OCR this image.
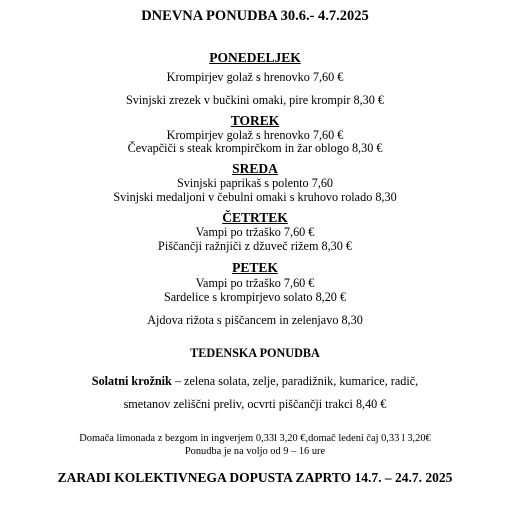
DNEVNA PONUDBA 30.6.- 4.7.2025
PONEDELJEK
Krompirjev golaž s hrenovko 7,60 €
Svinjski zrezek v bučkini omaki, pire krompir 8,30 €
TOREK
Krompirjev golaž s hrenovko 7,60 €
Čevapčiči s steak krompirčkom in žar oblogo 8,30 €
SREDA
Svinjski paprikaš s polento 7,60
Svinjski medaljoni v čebulni omaki s kruhovo rolado 8,30
ČETRTEK
Vampi po tržaško 7,60 €
Piščančji ražnjiči z džuveč rižem 8,30 €
PETEK
Vampi po tržaško 7,60 €
Sardelice s krompirjevo solato 8,20 €
Ajdova rižota s piščancem in zelenjavo 8,30
TEDENSKA PONUDBA
Solatni krožnik – zelena solata, zelje, paradižnik, kumarice, radič,
smetanov zeliščni preliv, ocvrti piščančji trakci 8,40 €
Domača limonada z bezgom in ingverjem 0,33l 3,20 €,domač ledeni čaj 0,33 l 3,20€
Ponudba je na voljo od 9 – 16 ure
ZARADI KOLEKTIVNEGA DOPUSTA ZAPRTO 14.7. – 24.7. 2025
